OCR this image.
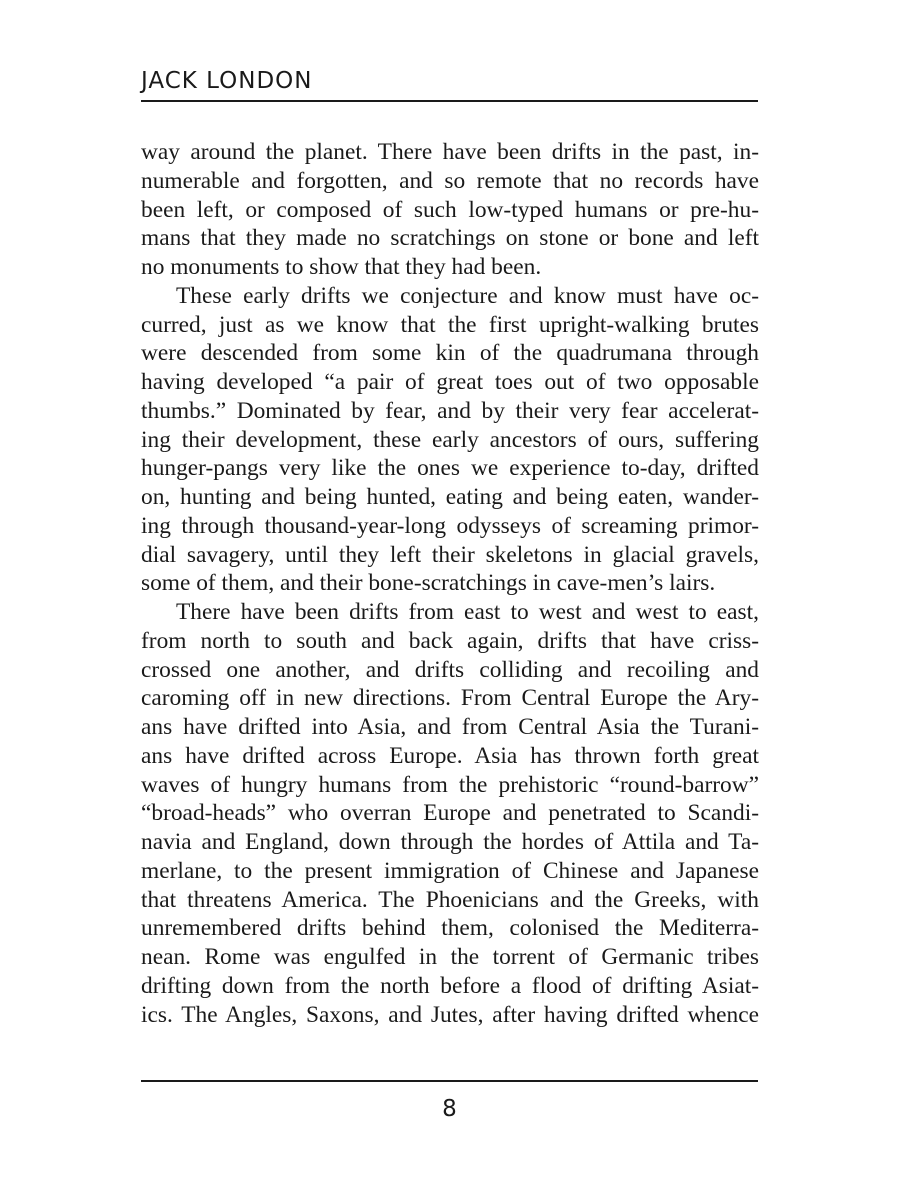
JACK LONDON
way around the planet. There have been drifts in the past, in-
numerable and forgotten, and so remote that no records have
been left, or composed of such low-typed humans or pre-hu-
mans that they made no scratchings on stone or bone and left
no monuments to show that they had been.
These early drifts we conjecture and know must have oc-
curred, just as we know that the first upright-walking brutes
were descended from some kin of the quadrumana through
having developed “a pair of great toes out of two opposable
thumbs.” Dominated by fear, and by their very fear accelerat-
ing their development, these early ancestors of ours, suffering
hunger-pangs very like the ones we experience to-day, drifted
on, hunting and being hunted, eating and being eaten, wander-
ing through thousand-year-long odysseys of screaming primor-
dial savagery, until they left their skeletons in glacial gravels,
some of them, and their bone-scratchings in cave-men’s lairs.
There have been drifts from east to west and west to east,
from north to south and back again, drifts that have criss-
crossed one another, and drifts colliding and recoiling and
caroming off in new directions. From Central Europe the Ary-
ans have drifted into Asia, and from Central Asia the Turani-
ans have drifted across Europe. Asia has thrown forth great
waves of hungry humans from the prehistoric “round-barrow”
“broad-heads” who overran Europe and penetrated to Scandi-
navia and England, down through the hordes of Attila and Ta-
merlane, to the present immigration of Chinese and Japanese
that threatens America. The Phoenicians and the Greeks, with
unremembered drifts behind them, colonised the Mediterra-
nean. Rome was engulfed in the torrent of Germanic tribes
drifting down from the north before a flood of drifting Asiat-
ics. The Angles, Saxons, and Jutes, after having drifted whence
8
